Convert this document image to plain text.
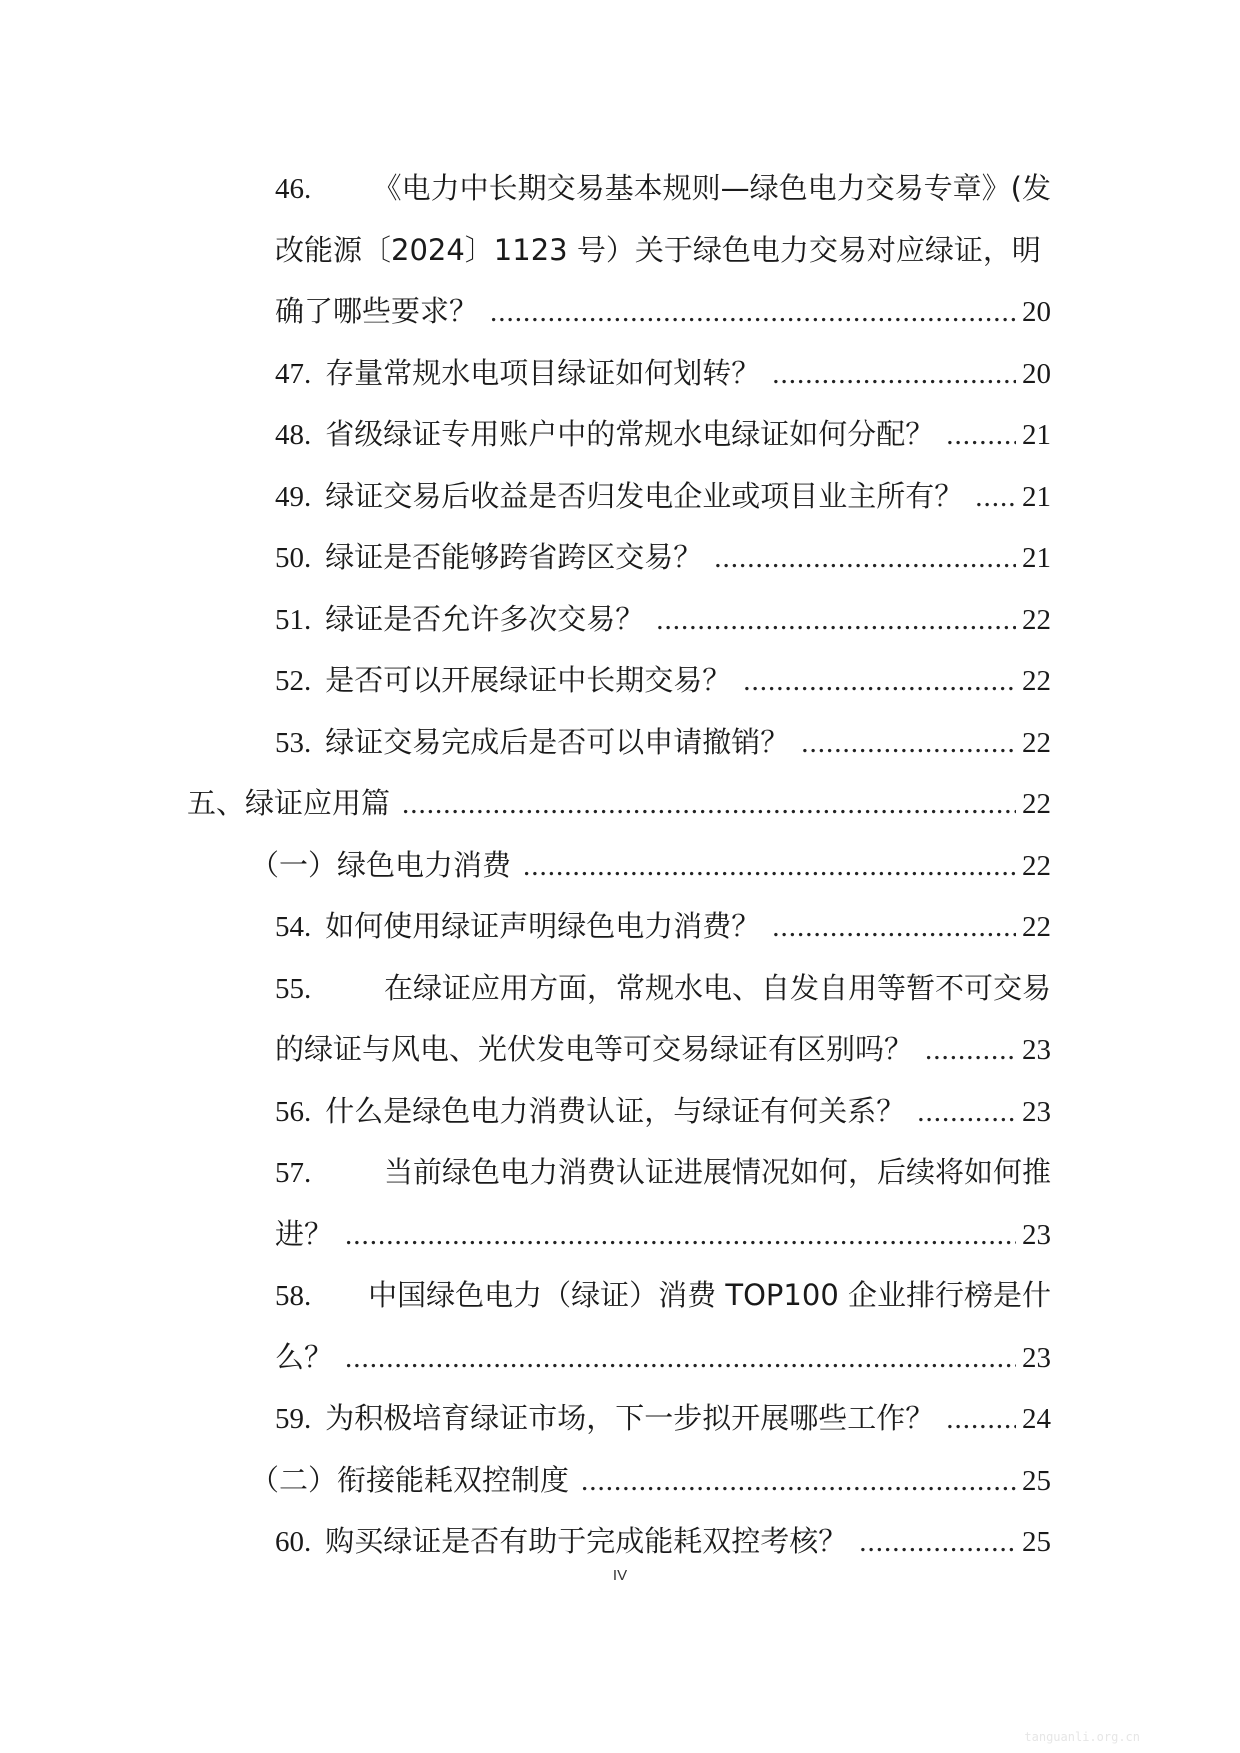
46. 《电力中长期交易基本规则—绿色电力交易专章》(发
改能源〔2024〕1123 号）关于绿色电力交易对应绿证，明
确了哪些要求？ .....	20
47. 存量常规水电项目绿证如何划转？ .....	20
48. 省级绿证专用账户中的常规水电绿证如何分配？ .....	21
49. 绿证交易后收益是否归发电企业或项目业主所有？ ..... 21
50. 绿证是否能够跨省跨区交易？ .....	21
51. 绿证是否允许多次交易？ .....	22
52. 是否可以开展绿证中长期交易？ .....	22
53. 绿证交易完成后是否可以申请撤销？ .....	22
五、绿证应用篇 .....	22
（一）绿色电力消费 .....	22
54. 如何使用绿证声明绿色电力消费？ .....	22
55.	在绿证应用方面，常规水电、自发自用等暂不可交易
的绿证与风电、光伏发电等可交易绿证有区别吗？ .....	23
56. 什么是绿色电力消费认证，与绿证有何关系？ .....	23
57.	当前绿色电力消费认证进展情况如何，后续将如何推
进？ .....	23
58. 中国绿色电力（绿证）消费 TOP100 企业排行榜是什
么？ .....	23
59. 为积极培育绿证市场，下一步拟开展哪些工作？ .....	24
（二）衔接能耗双控制度 .....	25
60. 购买绿证是否有助于完成能耗双控考核？ .....	25
IV
tanguanli.org.cn
